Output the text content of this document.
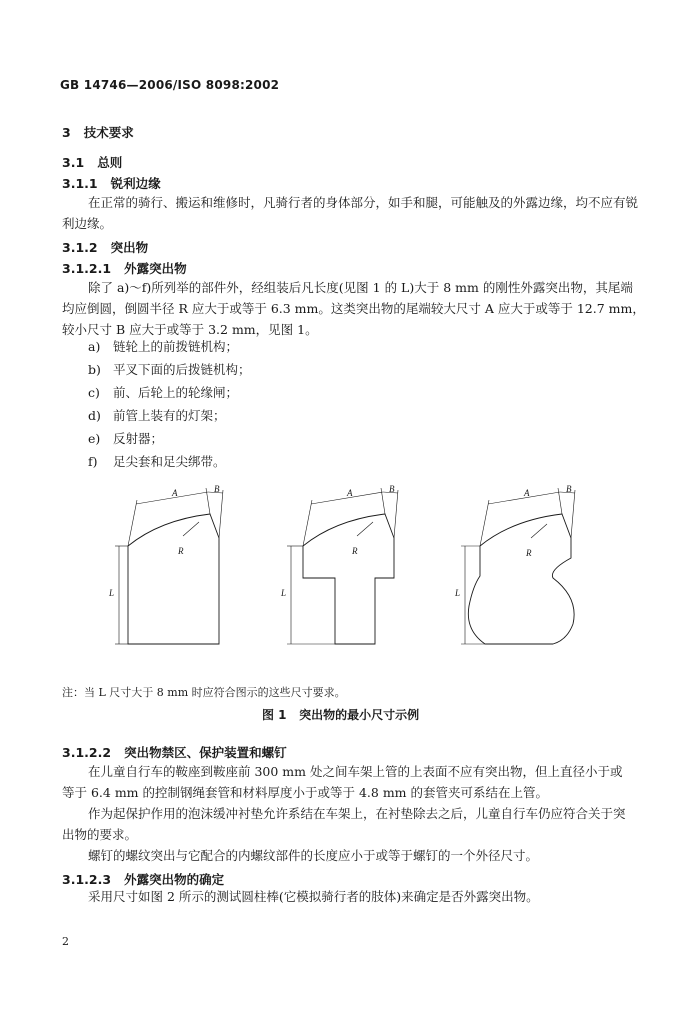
GB 14746—2006/ISO 8098:2002
3 技术要求
3.1 总则
3.1.1 锐利边缘
在正常的骑行、搬运和维修时，凡骑行者的身体部分，如手和腿，可能触及的外露边缘，均不应有锐
利边缘。
3.1.2 突出物
3.1.2.1 外露突出物
除了 a)～f)所列举的部件外，经组装后凡长度(见图 1 的 L)大于 8 mm 的刚性外露突出物，其尾端
均应倒圆，倒圆半径 R 应大于或等于 6.3 mm。这类突出物的尾端较大尺寸 A 应大于或等于 12.7 mm，
较小尺寸 B 应大于或等于 3.2 mm，见图 1。
a) 链轮上的前拨链机构；
b) 平叉下面的后拨链机构；
c) 前、后轮上的轮缘闸；
d) 前管上装有的灯架；
e) 反射器；
f) 足尖套和足尖绑带。
A	B
R
L
A	B
R
L
A	B
R
L
注：当 L 尺寸大于 8 mm 时应符合图示的这些尺寸要求。
图 1 突出物的最小尺寸示例
3.1.2.2 突出物禁区、保护装置和螺钉
在儿童自行车的鞍座到鞍座前 300 mm 处之间车架上管的上表面不应有突出物，但上直径小于或
等于 6.4 mm 的控制钢绳套管和材料厚度小于或等于 4.8 mm 的套管夹可系结在上管。
作为起保护作用的泡沫缓冲衬垫允许系结在车架上，在衬垫除去之后，儿童自行车仍应符合关于突
出物的要求。
螺钉的螺纹突出与它配合的内螺纹部件的长度应小于或等于螺钉的一个外径尺寸。
3.1.2.3 外露突出物的确定
采用尺寸如图 2 所示的测试圆柱棒(它模拟骑行者的肢体)来确定是否外露突出物。
2
